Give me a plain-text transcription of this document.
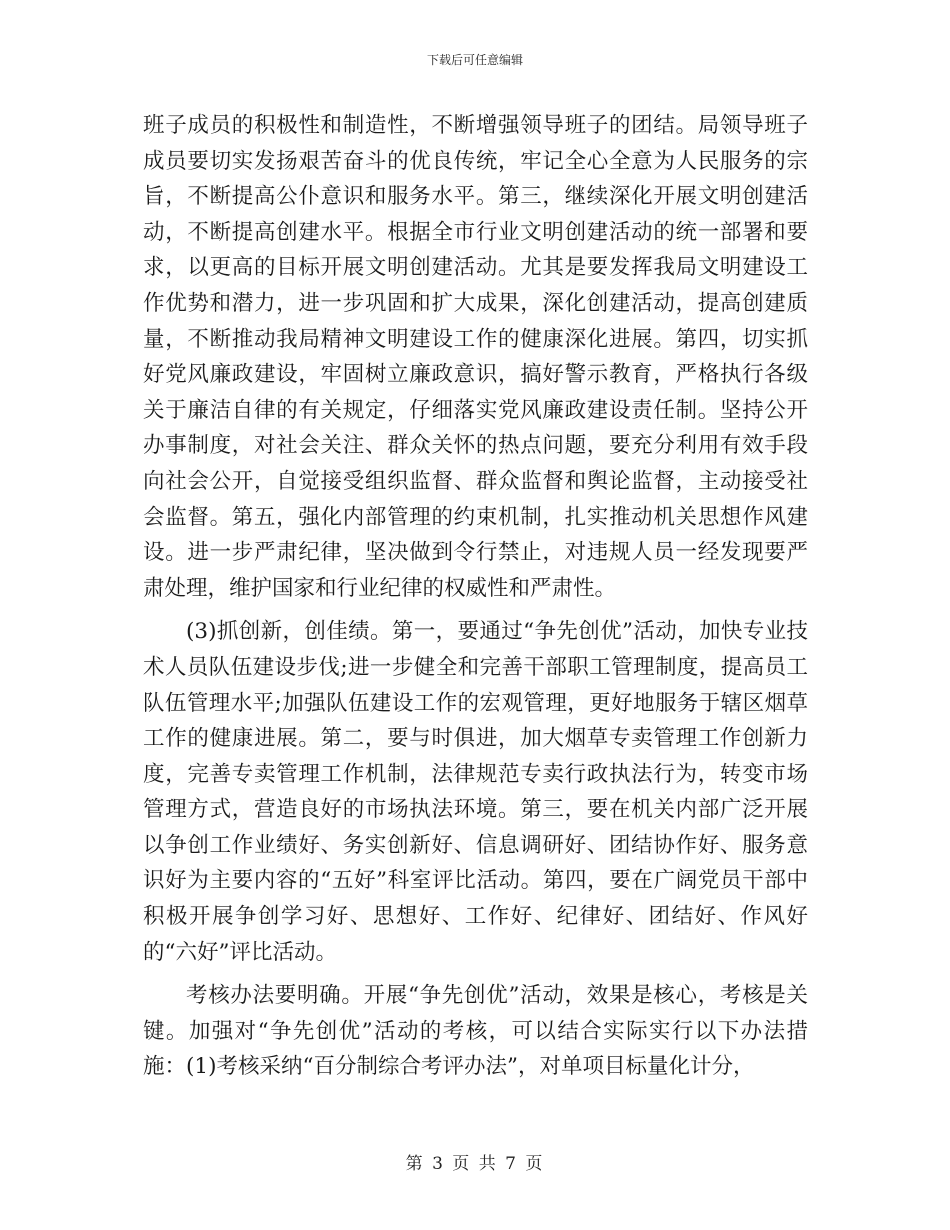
下载后可任意编辑

班子成员的积极性和制造性，不断增强领导班子的团结。局领导班子成员要切实发扬艰苦奋斗的优良传统，牢记全心全意为人民服务的宗旨，不断提高公仆意识和服务水平。第三，继续深化开展文明创建活动，不断提高创建水平。根据全市行业文明创建活动的统一部署和要求，以更高的目标开展文明创建活动。尤其是要发挥我局文明建设工作优势和潜力，进一步巩固和扩大成果，深化创建活动，提高创建质量，不断推动我局精神文明建设工作的健康深化进展。第四，切实抓好党风廉政建设，牢固树立廉政意识，搞好警示教育，严格执行各级关于廉洁自律的有关规定，仔细落实党风廉政建设责任制。坚持公开办事制度，对社会关注、群众关怀的热点问题，要充分利用有效手段向社会公开，自觉接受组织监督、群众监督和舆论监督，主动接受社会监督。第五，强化内部管理的约束机制，扎实推动机关思想作风建设。进一步严肃纪律，坚决做到令行禁止，对违规人员一经发现要严肃处理，维护国家和行业纪律的权威性和严肃性。

(3)抓创新，创佳绩。第一，要通过“争先创优”活动，加快专业技术人员队伍建设步伐;进一步健全和完善干部职工管理制度，提高员工队伍管理水平;加强队伍建设工作的宏观管理，更好地服务于辖区烟草工作的健康进展。第二，要与时俱进，加大烟草专卖管理工作创新力度，完善专卖管理工作机制，法律规范专卖行政执法行为，转变市场管理方式，营造良好的市场执法环境。第三，要在机关内部广泛开展以争创工作业绩好、务实创新好、信息调研好、团结协作好、服务意识好为主要内容的“五好”科室评比活动。第四，要在广阔党员干部中积极开展争创学习好、思想好、工作好、纪律好、团结好、作风好的“六好”评比活动。

考核办法要明确。开展“争先创优”活动，效果是核心，考核是关键。加强对“争先创优”活动的考核，可以结合实际实行以下办法措施：(1)考核采纳“百分制综合考评办法”，对单项目标量化计分，

第 3 页 共 7 页
